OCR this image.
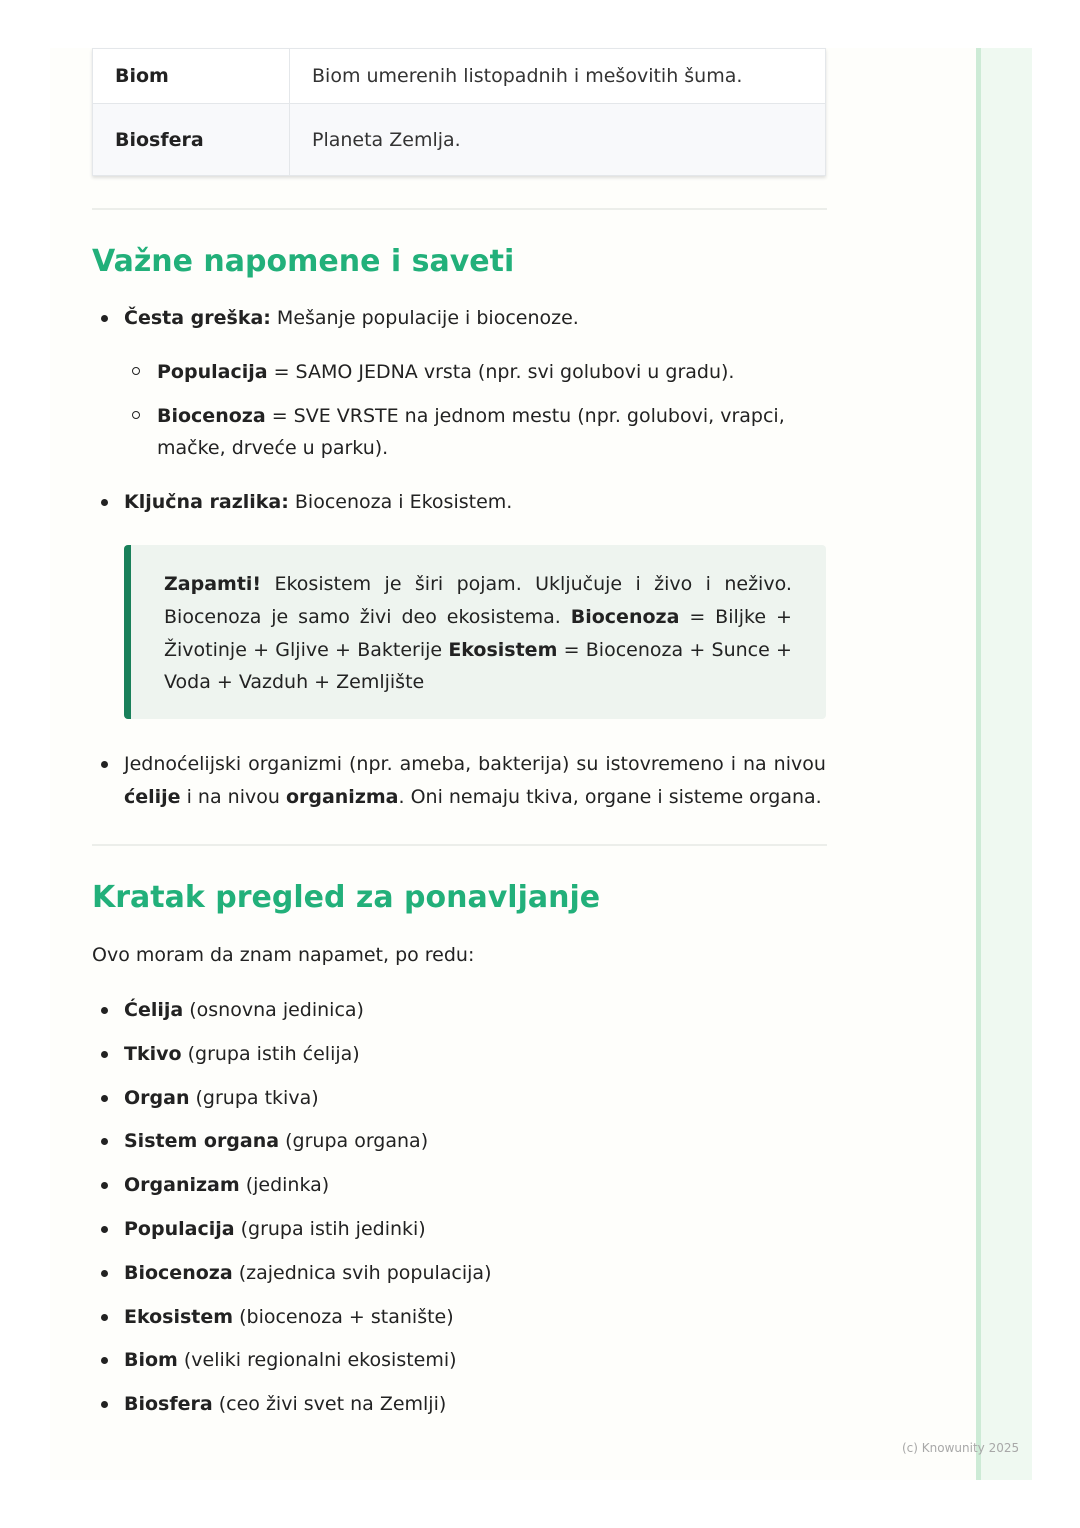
Biom	Biom umerenih listopadnih i mešovitih šuma.
Biosfera	Planeta Zemlja.
Važne napomene i saveti

Česta greška: Mešanje populacije i biocenoze.

Populacija = SAMO JEDNA vrsta (npr. svi golubovi u gradu).

Biocenoza = SVE VRSTE na jednom mestu (npr. golubovi, vrapci,

mačke, drveće u parku).

Ključna razlika: Biocenoza i Ekosistem.

Zapamti! Ekosistem je širi pojam. Uključuje i živo i neživo.
Biocenoza je samo živi deo ekosistema. Biocenoza = Biljke +
Životinje + Gljive + Bakterije Ekosistem = Biocenoza + Sunce +

Voda + Vazduh + Zemljište

Jednoćelijski organizmi (npr. ameba, bakterija) su istovremeno i na nivou

ćelije i na nivou organizma. Oni nemaju tkiva, organe i sisteme organa.

Kratak pregled za ponavljanje

Ovo moram da znam napamet, po redu:

Ćelija (osnovna jedinica)

Tkivo (grupa istih ćelija)

Organ (grupa tkiva)

Sistem organa (grupa organa)

Organizam (jedinka)

Populacija (grupa istih jedinki)

Biocenoza (zajednica svih populacija)

Ekosistem (biocenoza + stanište)

Biom (veliki regionalni ekosistemi)

Biosfera (ceo živi svet na Zemlji)

(c) Knowunity 2025
